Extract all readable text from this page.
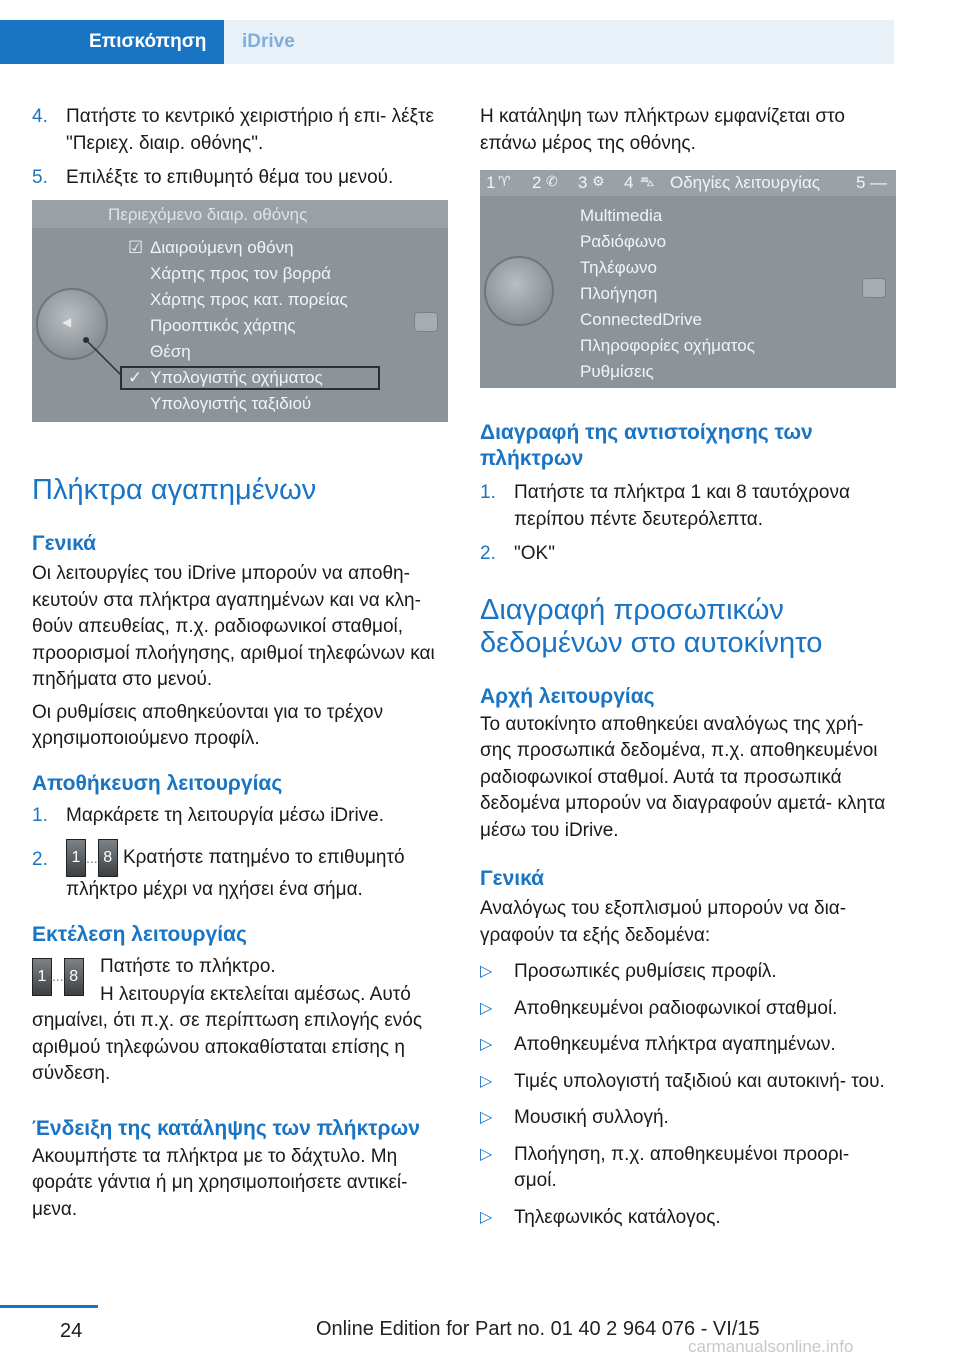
Επισκόπηση	iDrive
4. Πατήστε το κεντρικό χειριστήριο ή επι‐ λέξτε "Περιεχ. διαιρ. οθόνης".
5. Επιλέξτε το επιθυμητό θέμα του μενού.
Περιεχόμενο διαιρ. οθόνης
◀
☑ Διαιρούμενη οθόνη
Χάρτης προς τον βορρά
Χάρτης προς κατ. πορείας
Προοπτικός χάρτης
Θέση
✓ Υπολογιστής οχήματος
Υπολογιστής ταξιδιού
Πλήκτρα αγαπημένων
Γενικά

Οι λειτουργίες του iDrive μπορούν να αποθη‐ κευτούν στα πλήκτρα αγαπημένων και να κλη‐ θούν απευθείας, π.χ. ραδιοφωνικοί σταθμοί, προορισμοί πλοήγησης, αριθμοί τηλεφώνων και πηδήματα στο μενού.

Οι ρυθμίσεις αποθηκεύονται για το τρέχον χρησιμοποιούμενο προφίλ.

Αποθήκευση λειτουργίας
1. Μαρκάρετε τη λειτουργία μέσω iDrive.
2. 1 ... 8 Κρατήστε πατημένο το επιθυμητό πλήκτρο μέχρι να ηχήσει ένα σήμα.
Εκτέλεση λειτουργίας
1 ... 8 Πατήστε το πλήκτρο.

Η λειτουργία εκτελείται αμέσως. Αυτό σημαίνει, ότι π.χ. σε περίπτωση επιλογής ενός αριθμού τηλεφώνου αποκαθίσταται επίσης η σύνδεση.

Ένδειξη της κατάληψης των πλήκτρων

Ακουμπήστε τα πλήκτρα με το δάχτυλο. Μη φοράτε γάντια ή μη χρησιμοποιήσετε αντικεί‐ μενα.

Η κατάληψη των πλήκτρων εμφανίζεται στο επάνω μέρος της οθόνης.

1 ♈ 2 ✆ 3 ⚙ 4 ⛍ Οδηγίες λειτουργίας 5 —
Multimedia
Ραδιόφωνο
Τηλέφωνο
Πλοήγηση
ConnectedDrive
Πληροφορίες οχήματος
Ρυθμίσεις
Διαγραφή της αντιστοίχησης των πλήκτρων
1. Πατήστε τα πλήκτρα 1 και 8 ταυτόχρονα περίπου πέντε δευτερόλεπτα.
2. "OK"
Διαγραφή προσωπικών δεδομένων στο αυτοκίνητο
Αρχή λειτουργίας

Το αυτοκίνητο αποθηκεύει αναλόγως της χρή‐ σης προσωπικά δεδομένα, π.χ. αποθηκευμένοι ραδιοφωνικοί σταθμοί. Αυτά τα προσωπικά δεδομένα μπορούν να διαγραφούν αμετά‐ κλητα μέσω του iDrive.

Γενικά

Αναλόγως του εξοπλισμού μπορούν να δια‐ γραφούν τα εξής δεδομένα:

▷ Προσωπικές ρυθμίσεις προφίλ.
▷ Αποθηκευμένοι ραδιοφωνικοί σταθμοί.
▷ Αποθηκευμένα πλήκτρα αγαπημένων.
▷ Τιμές υπολογιστή ταξιδιού και αυτοκινή‐ του.
▷ Μουσική συλλογή.
▷ Πλοήγηση, π.χ. αποθηκευμένοι προορι‐ σμοί.
▷ Τηλεφωνικός κατάλογος.
24	Online Edition for Part no. 01 40 2 964 076 - VI/15
carmanualsonline.info
